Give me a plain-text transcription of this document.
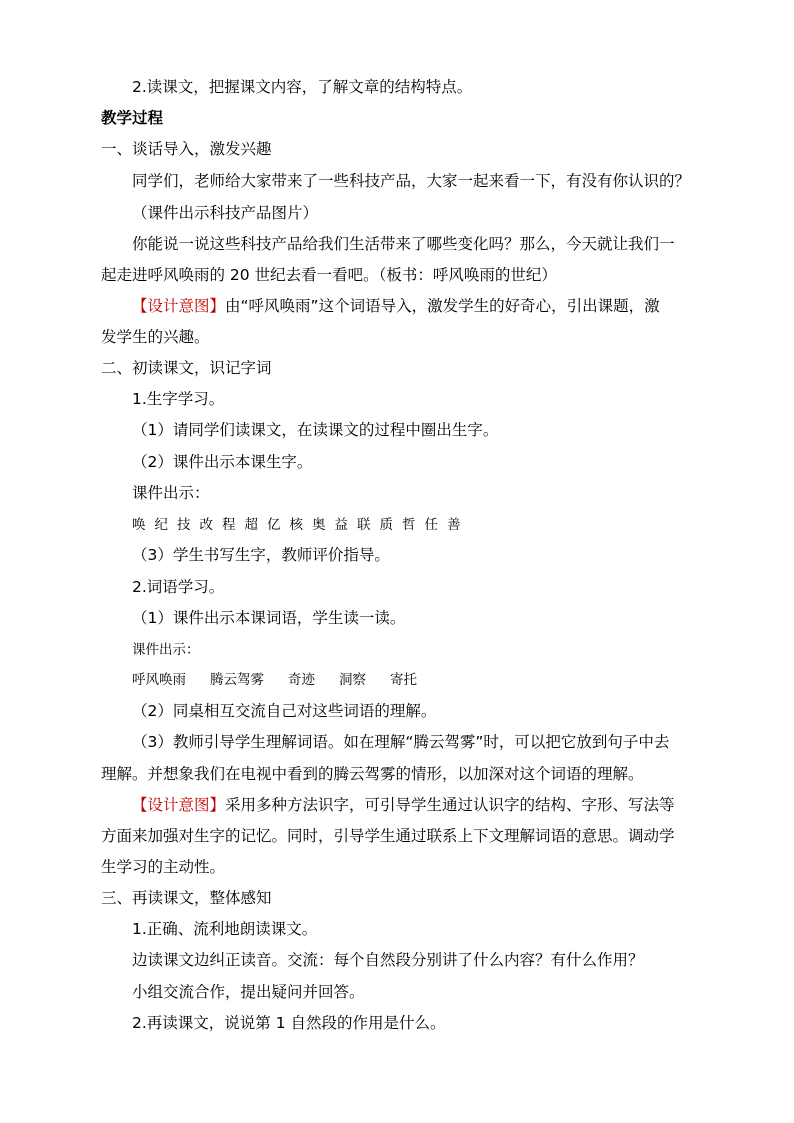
2.读课文，把握课文内容，了解文章的结构特点。
教学过程
一、谈话导入，激发兴趣
同学们，老师给大家带来了一些科技产品，大家一起来看一下，有没有你认识的？
（课件出示科技产品图片）
你能说一说这些科技产品给我们生活带来了哪些变化吗？那么，今天就让我们一
起走进呼风唤雨的 20 世纪去看一看吧。（板书：呼风唤雨的世纪）
【设计意图】由“呼风唤雨”这个词语导入，激发学生的好奇心，引出课题，激
发学生的兴趣。
二、初读课文，识记字词
1.生字学习。
（1）请同学们读课文，在读课文的过程中圈出生字。
（2）课件出示本课生字。
课件出示：
唤 纪 技 改 程 超 亿 核 奥 益 联 质 哲 任 善
（3）学生书写生字，教师评价指导。
2.词语学习。
（1）课件出示本课词语，学生读一读。
课件出示：
呼风唤雨 腾云驾雾 奇迹 洞察 寄托
（2）同桌相互交流自己对这些词语的理解。
（3）教师引导学生理解词语。如在理解“腾云驾雾”时，可以把它放到句子中去
理解。并想象我们在电视中看到的腾云驾雾的情形，以加深对这个词语的理解。
【设计意图】采用多种方法识字，可引导学生通过认识字的结构、字形、写法等
方面来加强对生字的记忆。同时，引导学生通过联系上下文理解词语的意思。调动学
生学习的主动性。
三、再读课文，整体感知
1.正确、流利地朗读课文。
边读课文边纠正读音。交流：每个自然段分别讲了什么内容？有什么作用？
小组交流合作，提出疑问并回答。
2.再读课文，说说第 1 自然段的作用是什么。
